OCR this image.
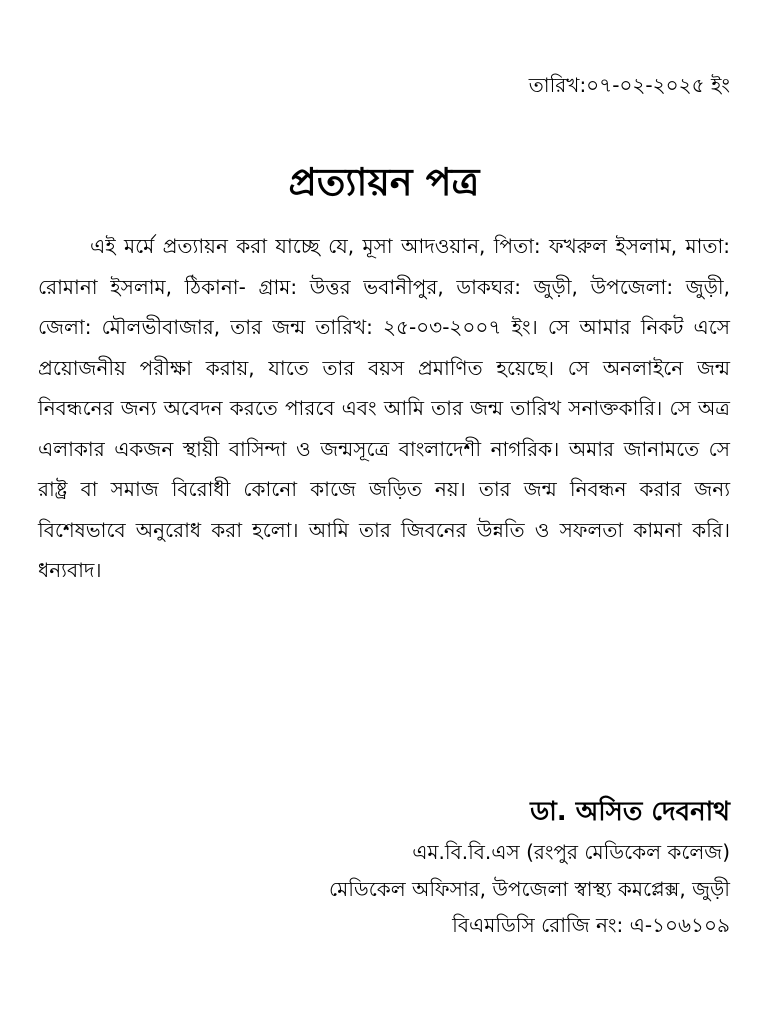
তারিখ:০৭-০২-২০২৫ ইং
প্রত্যায়ন পত্র

এই মর্মে প্রত্যায়ন করা যাচ্ছে যে, মূসা আদওয়ান, পিতা: ফখরুল ইসলাম, মাতা: রোমানা ইসলাম, ঠিকানা- গ্রাম: উত্তর ভবানীপুর, ডাকঘর: জুড়ী, উপজেলা: জুড়ী, জেলা: মৌলভীবাজার, তার জন্ম তারিখ: ২৫-০৩-২০০৭ ইং। সে আমার নিকট এসে প্রয়োজনীয় পরীক্ষা করায়, যাতে তার বয়স প্রমাণিত হয়েছে। সে অনলাইনে জন্ম নিবন্ধনের জন্য অবেদন করতে পারবে এবং আমি তার জন্ম তারিখ সনাক্তকারি। সে অত্র এলাকার একজন স্থায়ী বাসিন্দা ও জন্মসূত্রে বাংলাদেশী নাগরিক। অমার জানামতে সে রাষ্ট্র বা সমাজ বিরোধী কোনো কাজে জড়িত নয়। তার জন্ম নিবন্ধন করার জন্য বিশেষভাবে অনুরোধ করা হলো। আমি তার জিবনের উন্নতি ও সফলতা কামনা করি। ধন্যবাদ।

ডা. অসিত দেবনাথ
এম.বি.বি.এস (রংপুর মেডিকেল কলেজ)
মেডিকেল অফিসার, উপজেলা স্বাস্থ্য কমপ্লেক্স, জুড়ী
বিএমডিসি রোজি নং: এ-১০৬১০৯
